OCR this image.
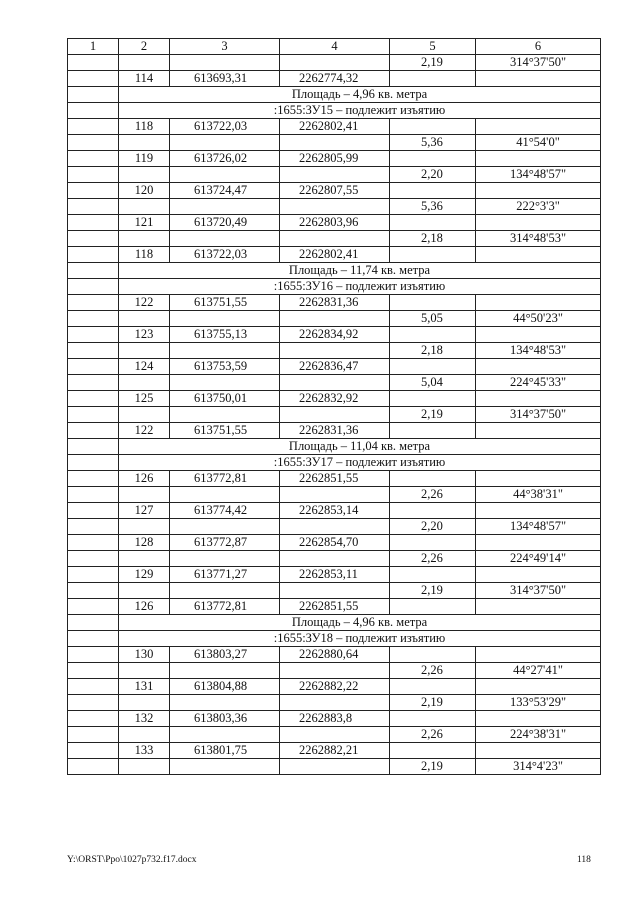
1	2	3	4	5	6
				2,19	314°37'50"
	114	613693,31	2262774,32		
	Площадь – 4,96 кв. метра				
	:1655:ЗУ15 – подлежит изъятию				
	118	613722,03	2262802,41		
				5,36	41°54'0"
	119	613726,02	2262805,99		
				2,20	134°48'57"
	120	613724,47	2262807,55		
				5,36	222°3'3"
	121	613720,49	2262803,96		
				2,18	314°48'53"
	118	613722,03	2262802,41		
	Площадь – 11,74 кв. метра				
	:1655:ЗУ16 – подлежит изъятию				
	122	613751,55	2262831,36		
				5,05	44°50'23"
	123	613755,13	2262834,92		
				2,18	134°48'53"
	124	613753,59	2262836,47		
				5,04	224°45'33"
	125	613750,01	2262832,92		
				2,19	314°37'50"
	122	613751,55	2262831,36		
	Площадь – 11,04 кв. метра				
	:1655:ЗУ17 – подлежит изъятию				
	126	613772,81	2262851,55		
				2,26	44°38'31"
	127	613774,42	2262853,14		
				2,20	134°48'57"
	128	613772,87	2262854,70		
				2,26	224°49'14"
	129	613771,27	2262853,11		
				2,19	314°37'50"
	126	613772,81	2262851,55		
	Площадь – 4,96 кв. метра				
	:1655:ЗУ18 – подлежит изъятию				
	130	613803,27	2262880,64		
				2,26	44°27'41"
	131	613804,88	2262882,22		
				2,19	133°53'29"
	132	613803,36	2262883,8		
				2,26	224°38'31"
	133	613801,75	2262882,21		
				2,19	314°4'23"
Y:\ORST\Ppo\1027p732.f17.docx	118
